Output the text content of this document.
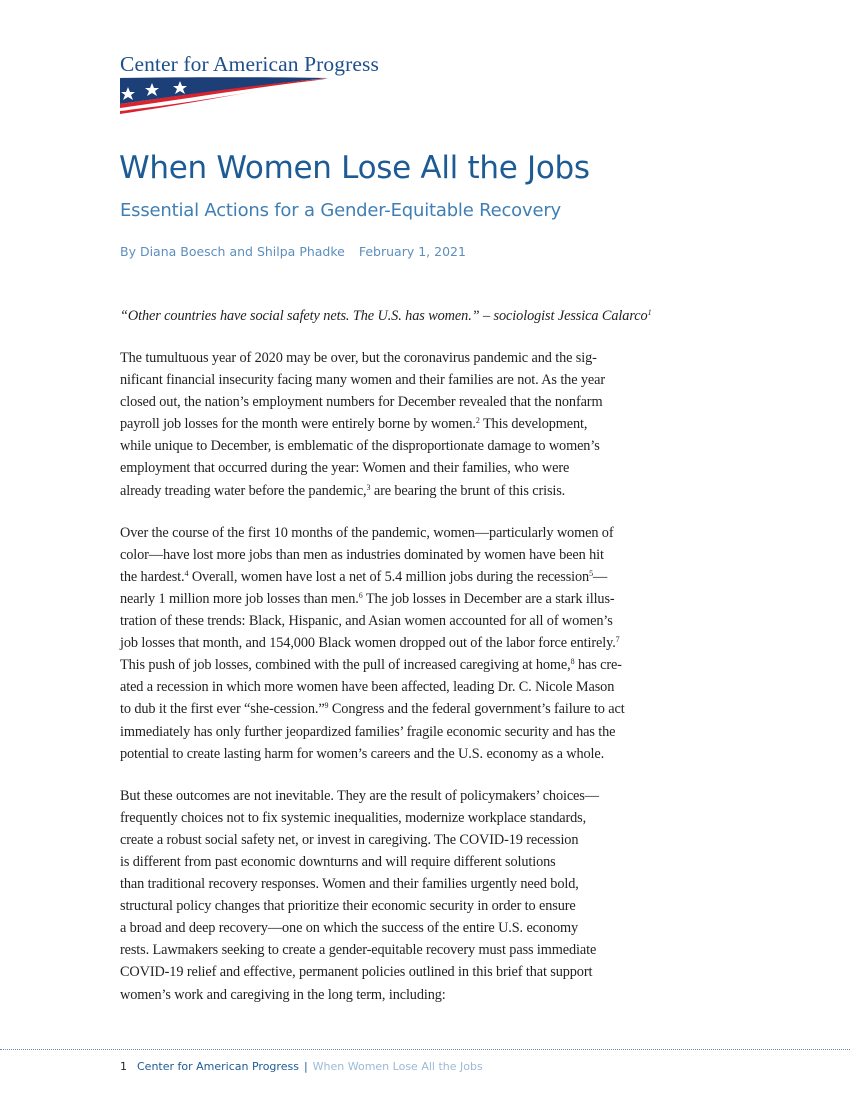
Center for American Progress
When Women Lose All the Jobs
Essential Actions for a Gender-Equitable Recovery
By Diana Boesch and Shilpa Phadke February 1, 2021

“Other countries have social safety nets. The U.S. has women.” – sociologist Jessica Calarco$^1$

The tumultuous year of 2020 may be over, but the coronavirus pandemic and the sig-
nificant financial insecurity facing many women and their families are not. As the year
closed out, the nation’s employment numbers for December revealed that the nonfarm
payroll job losses for the month were entirely borne by women.$^2$ This development,
while unique to December, is emblematic of the disproportionate damage to women’s
employment that occurred during the year: Women and their families, who were
already treading water before the pandemic,$^3$ are bearing the brunt of this crisis.

Over the course of the first 10 months of the pandemic, women—particularly women of
color—have lost more jobs than men as industries dominated by women have been hit
the hardest.$^4$ Overall, women have lost a net of 5.4 million jobs during the recession$^5$—
nearly 1 million more job losses than men.$^6$ The job losses in December are a stark illus-
tration of these trends: Black, Hispanic, and Asian women accounted for all of women’s
job losses that month, and 154,000 Black women dropped out of the labor force entirely.$^7$
This push of job losses, combined with the pull of increased caregiving at home,$^8$ has cre-
ated a recession in which more women have been affected, leading Dr. C. Nicole Mason
to dub it the first ever “she-cession.”$^9$ Congress and the federal government’s failure to act
immediately has only further jeopardized families’ fragile economic security and has the
potential to create lasting harm for women’s careers and the U.S. economy as a whole.

But these outcomes are not inevitable. They are the result of policymakers’ choices—
frequently choices not to fix systemic inequalities, modernize workplace standards,
create a robust social safety net, or invest in caregiving. The COVID-19 recession
is different from past economic downturns and will require different solutions
than traditional recovery responses. Women and their families urgently need bold,
structural policy changes that prioritize their economic security in order to ensure
a broad and deep recovery—one on which the success of the entire U.S. economy
rests. Lawmakers seeking to create a gender-equitable recovery must pass immediate
COVID-19 relief and effective, permanent policies outlined in this brief that support
women’s work and caregiving in the long term, including:

1 Center for American Progress | When Women Lose All the Jobs
